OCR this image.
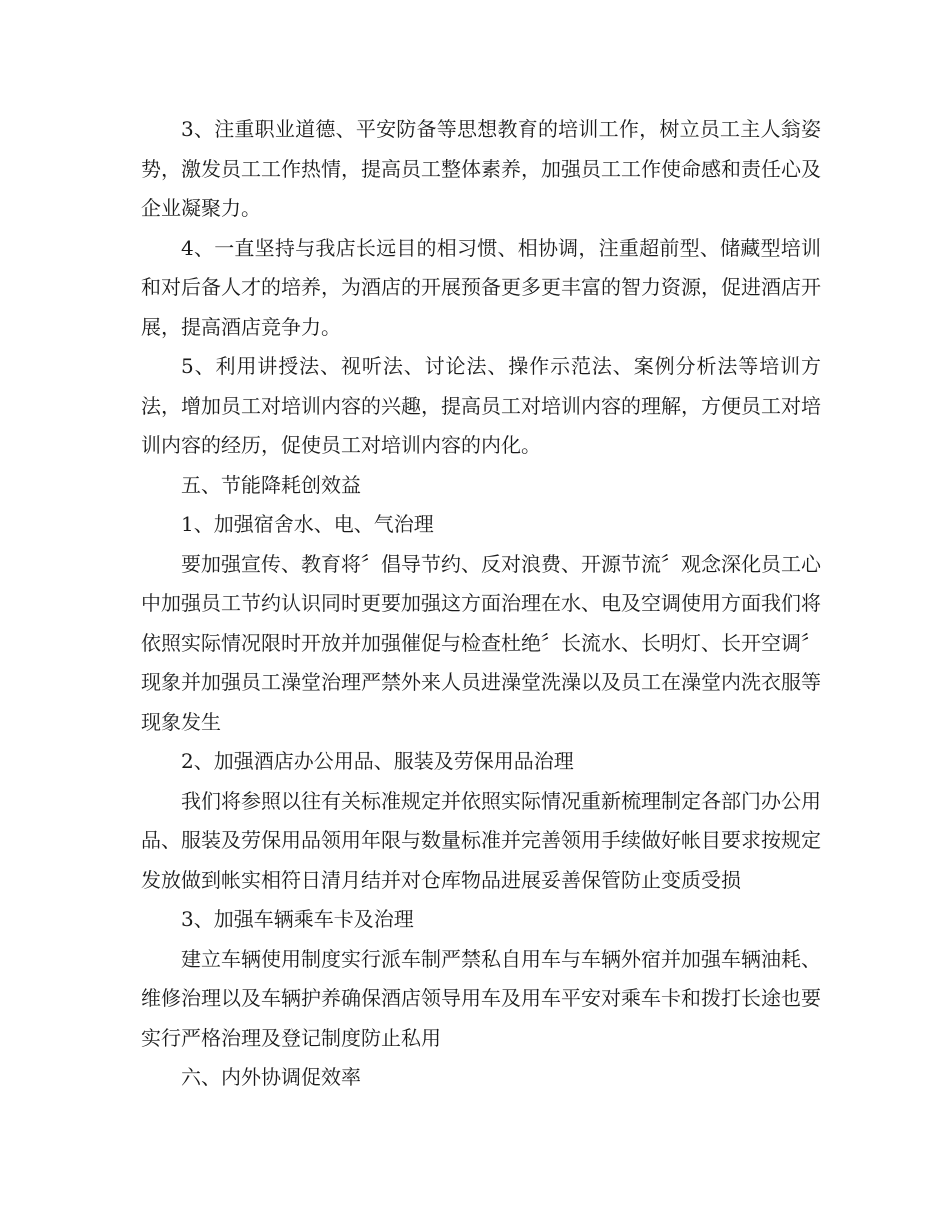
3、注重职业道德、平安防备等思想教育的培训工作，树立员工主人翁姿势，激发员工工作热情，提高员工整体素养，加强员工工作使命感和责任心及企业凝聚力。

4、一直坚持与我店长远目的相习惯、相协调，注重超前型、储藏型培训和对后备人才的培养，为酒店的开展预备更多更丰富的智力资源，促进酒店开展，提高酒店竞争力。

5、利用讲授法、视听法、讨论法、操作示范法、案例分析法等培训方法，增加员工对培训内容的兴趣，提高员工对培训内容的理解，方便员工对培训内容的经历，促使员工对培训内容的内化。

五、节能降耗创效益

1、加强宿舍水、电、气治理

要加强宣传、教育将〞倡导节约、反对浪费、开源节流〞观念深化员工心中加强员工节约认识同时更要加强这方面治理在水、电及空调使用方面我们将依照实际情况限时开放并加强催促与检查杜绝〞长流水、长明灯、长开空调〞现象并加强员工澡堂治理严禁外来人员进澡堂洗澡以及员工在澡堂内洗衣服等现象发生

2、加强酒店办公用品、服装及劳保用品治理

我们将参照以往有关标准规定并依照实际情况重新梳理制定各部门办公用品、服装及劳保用品领用年限与数量标准并完善领用手续做好帐目要求按规定发放做到帐实相符日清月结并对仓库物品进展妥善保管防止变质受损

3、加强车辆乘车卡及治理

建立车辆使用制度实行派车制严禁私自用车与车辆外宿并加强车辆油耗、维修治理以及车辆护养确保酒店领导用车及用车平安对乘车卡和拨打长途也要实行严格治理及登记制度防止私用

六、内外协调促效率
